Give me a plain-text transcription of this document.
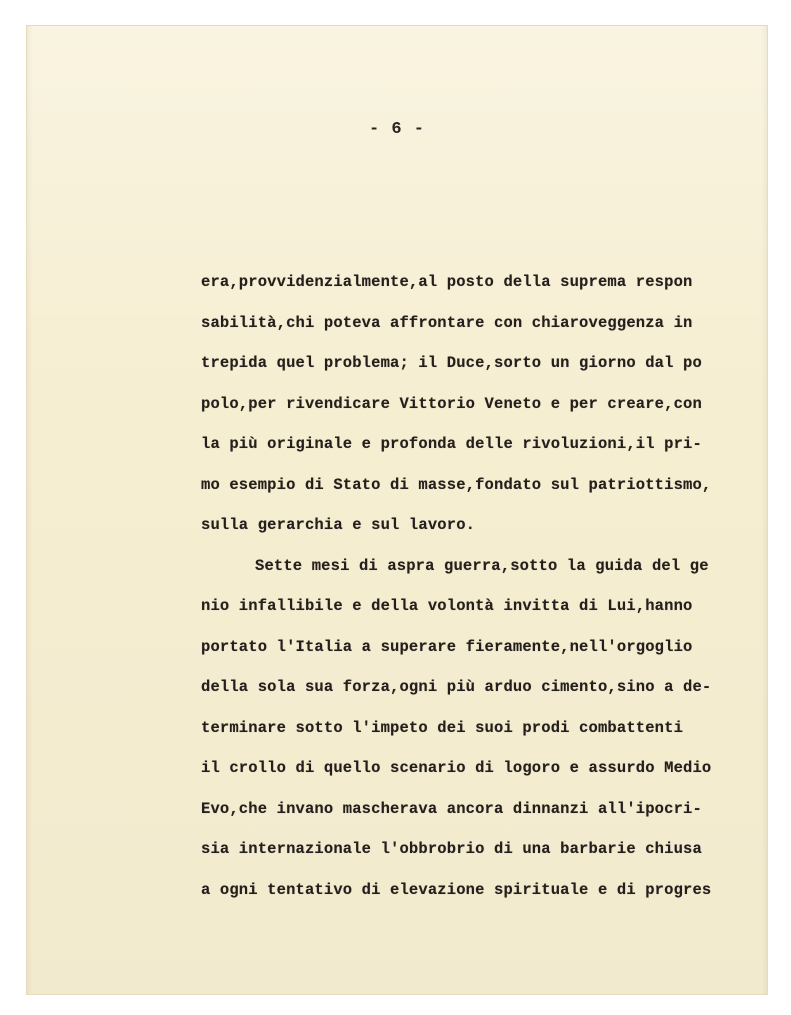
- 6 -
era,provvidenzialmente,al posto della suprema respon
sabilità,chi poteva affrontare con chiaroveggenza in
trepida quel problema; il Duce,sorto un giorno dal po
polo,per rivendicare Vittorio Veneto e per creare,con
la più originale e profonda delle rivoluzioni,il pri-
mo esempio di Stato di masse,fondato sul patriottismo,
sulla gerarchia e sul lavoro.
Sette mesi di aspra guerra,sotto la guida del ge
nio infallibile e della volontà invitta di Lui,hanno
portato l'Italia a superare fieramente,nell'orgoglio
della sola sua forza,ogni più arduo cimento,sino a de-
terminare sotto l'impeto dei suoi prodi combattenti
il crollo di quello scenario di logoro e assurdo Medio
Evo,che invano mascherava ancora dinnanzi all'ipocri-
sia internazionale l'obbrobrio di una barbarie chiusa
a ogni tentativo di elevazione spirituale e di progres
